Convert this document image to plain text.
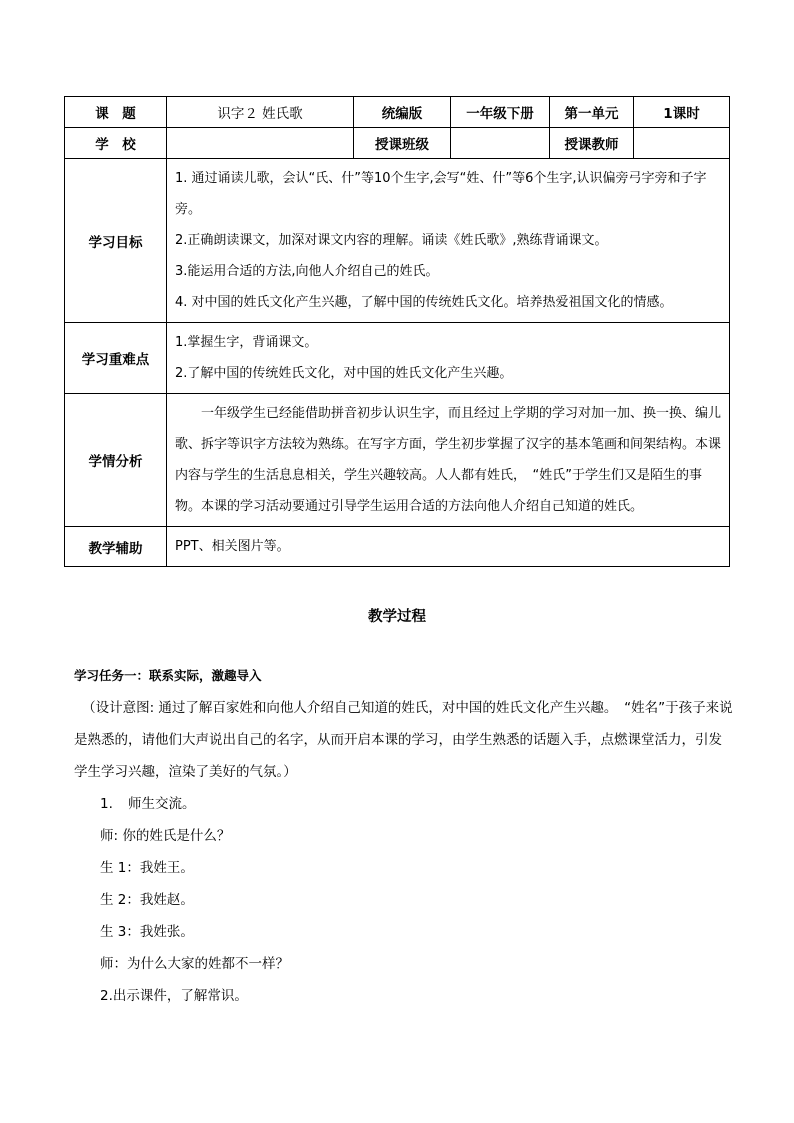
课　题	识字２ 姓氏歌	统编版	一年级下册	第一单元	1课时
学　校		授课班级		授课教师	
学习目标	1. 通过诵读儿歌，会认“氏、什”等10个生字,会写“姓、什”等6个生字,认识偏旁弓字旁和子字旁。

2.正确朗读课文，加深对课文内容的理解。诵读《姓氏歌》,熟练背诵课文。

3.能运用合适的方法,向他人介绍自己的姓氏。

4. 对中国的姓氏文化产生兴趣，了解中国的传统姓氏文化。培养热爱祖国文化的情感。				

学习重难点	1.掌握生字，背诵课文。

2.了解中国的传统姓氏文化，对中国的姓氏文化产生兴趣。				

学情分析	一年级学生已经能借助拼音初步认识生字，而且经过上学期的学习对加一加、换一换、编儿歌、拆字等识字方法较为熟练。在写字方面，学生初步掌握了汉字的基本笔画和间架结构。本课内容与学生的生活息息相关，学生兴趣较高。人人都有姓氏，　“姓氏”于学生们又是陌生的事物。本课的学习活动要通过引导学生运用合适的方法向他人介绍自己知道的姓氏。				

教学辅助	PPT、相关图片等。				

教学过程

学习任务一：联系实际，激趣导入

（设计意图: 通过了解百家姓和向他人介绍自己知道的姓氏，对中国的姓氏文化产生兴趣。　“姓名”于孩子来说是熟悉的，请他们大声说出自己的名字，从而开启本课的学习，由学生熟悉的话题入手，点燃课堂活力，引发学生学习兴趣，渲染了美好的气氛。）

1. 师生交流。

师: 你的姓氏是什么？

生 1：我姓王。

生 2：我姓赵。

生 3：我姓张。

师：为什么大家的姓都不一样？

2.出示课件，了解常识。
